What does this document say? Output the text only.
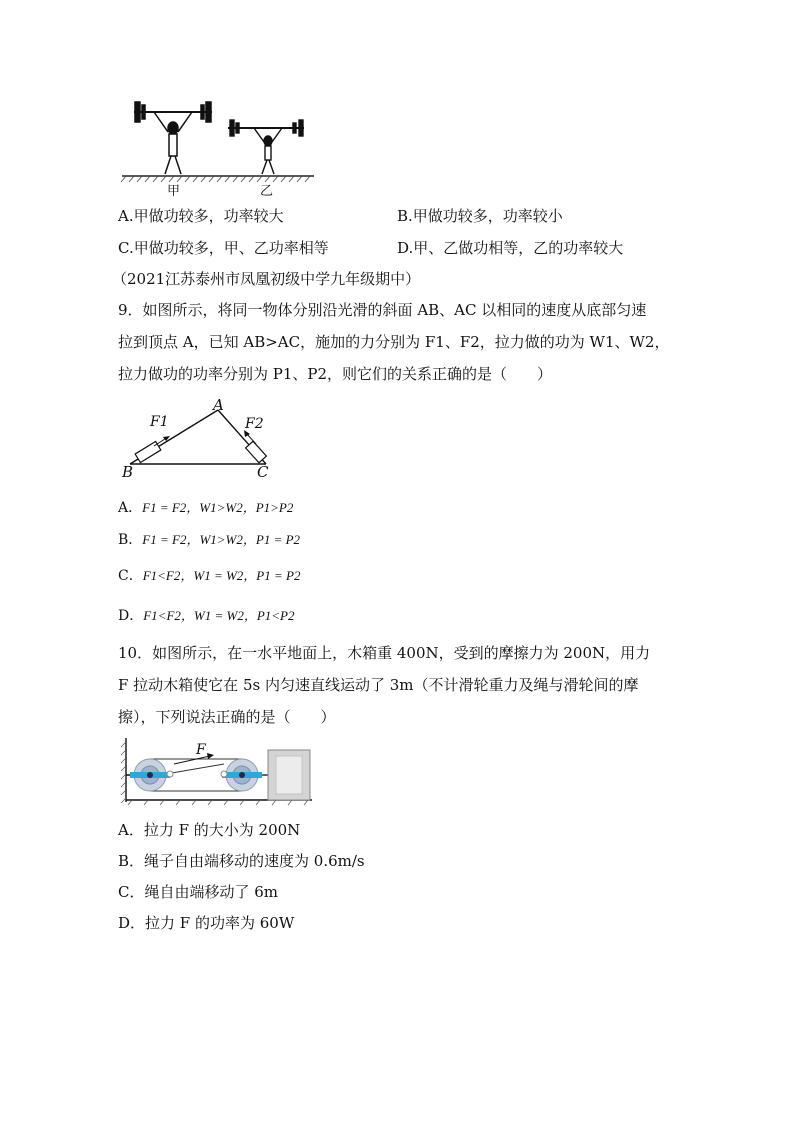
甲	乙
A.甲做功较多，功率较大	B.甲做功较多，功率较小
C.甲做功较多，甲、乙功率相等	D.甲、乙做功相等，乙的功率较大
（2021江苏泰州市凤凰初级中学九年级期中）
9．如图所示，将同一物体分别沿光滑的斜面 AB、AC 以相同的速度从底部匀速
拉到顶点 A，已知 AB>AC，施加的力分别为 F1、F2，拉力做的功为 W1、W2，
拉力做功的功率分别为 P1、P2，则它们的关系正确的是（　　）
A
B	C
F1	F2
A．F1 = F2，W1>W2，P1>P2
B．F1 = F2，W1>W2，P1 = P2
C．F1<F2，W1 = W2，P1 = P2
D．F1<F2，W1 = W2，P1<P2
10．如图所示，在一水平地面上，木箱重 400N，受到的摩擦力为 200N，用力
F 拉动木箱使它在 5s 内匀速直线运动了 3m（不计滑轮重力及绳与滑轮间的摩
擦），下列说法正确的是（　　）
F
A．拉力 F 的大小为 200N
B．绳子自由端移动的速度为 0.6m/s
C．绳自由端移动了 6m
D．拉力 F 的功率为 60W
